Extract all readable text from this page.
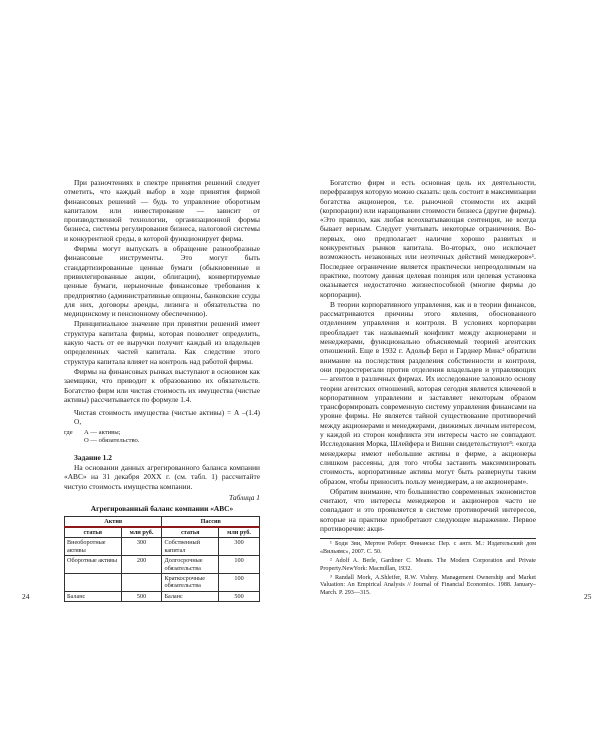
При разночтениях в спектре принятия решений следует отметить, что каждый выбор в ходе принятия фирмой финансовых решений — будь то управление оборотным капиталом или инвестирование — зависит от производственной технологии, организационной формы бизнеса, системы регулирования бизнеса, налоговой системы и конкурентной среды, в которой функционирует фирма.

Фирмы могут выпускать в обращение разнообразные финансовые инструменты. Это могут быть стандартизированные ценные бумаги (обыкновенные и привилегированные акции, облигации), конвертируемые ценные бумаги, нерыночные финансовые требования к предприятию (административные опционы, банковские ссуды для них, договоры аренды, лизинга и обязательства по медицинскому и пенсионному обеспечению).

Принципиальное значение при принятии решений имеет структура капитала фирмы, которая позволяет определить, какую часть от ее выручки получит каждый из владельцев определенных частей капитала. Как следствие этого структура капитала влияет на контроль над работой фирмы.

Фирмы на финансовых рынках выступают в основном как заемщики, что приводит к образованию их обязательств. Богатство фирм или чистая стоимость их имущества (чистые активы) рассчитывается по формуле 1.4.

Чистая стоимость имущества (чистые активы) = А – О,
(1.4)
где	А — активы;
О — обязательство.
Задание 1.2

На основании данных агрегированного баланса компании «АВС» на 31 декабря 20ХХ г. (см. табл. 1) рассчитайте чистую стоимость имущества компании.

Таблица 1
Агрегированный баланс компании «АВС»
Актив		Пассив	
статья	млн руб.	статья	млн руб.
Внеоборотные активы	300	Собственный капитал	300
Оборотные активы	200	Долгосрочные обязательства	100
		Краткосрочные обязательства	100
Баланс	500	Баланс	500
24

Богатство фирм и есть основная цель их деятельности, перефразируя которую можно сказать: цель состоит в максимизации богатства акционеров, т.е. рыночной стоимости их акций (корпорации) или наращивании стоимости бизнеса (другие фирмы). «Это правило, как любая всеохватывающая сентенция, не всегда бывает верным. Следует учитывать некоторые ограничения. Во-первых, оно предполагает наличие хорошо развитых и конкурентных рынков капитала. Во-вторых, оно исключает возможность незаконных или неэтичных действий менеджеров»¹. Последнее ограничение является практически непреодолимым на практике, поэтому данная целевая позиция или целевая установка оказывается недостаточно жизнеспособной (многие фирмы до корпорации).

В теории корпоративного управления, как и в теории финансов, рассматриваются причины этого явления, обоснованного отделением управления и контроля. В условиях корпорации преобладает так называемый конфликт между акционерами и менеджерами, функционально объясняемый теорией агентских отношений. Еще в 1932 г. Адольф Берл и Гарднер Минс² обратили внимание на последствия разделения собственности и контроля, они предостерегали против отделения владельцев и управляющих — агентов в различных фирмах. Их исследование заложило основу теории агентских отношений, которая сегодня является ключевой в корпоративном управлении и заставляет некоторым образом трансформировать современную систему управления финансами на уровне фирмы. Не является тайной существование противоречий между акционерами и менеджерами, движимых личным интересом, у каждой из сторон конфликта эти интересы часто не совпадают. Исследования Морка, Шлейфера и Вишни свидетельствуют³: «когда менеджеры имеют небольшие активы в фирме, а акционеры слишком рассеяны, для того чтобы заставить максимизировать стоимость, корпоративные активы могут быть развернуты таким образом, чтобы приносить пользу менеджерам, а не акционерам».

Обратим внимание, что большинство современных экономистов считают, что интересы менеджеров и акционеров часто не совпадают и это проявляется в системе противоречий интересов, которые на практике приобретают следующее выражение. Первое противоречие: акци-

¹ Боди Зви, Мертон Роберт. Финансы: Пер. с англ. М.: Издательский дом «Вильямс», 2007. С. 50.

² Adolf A. Berle, Gardiner C. Means. The Modern Corporation and Private Property.NewYork: Macmillan, 1932.

³ Randall Mork, A.Shleifer, R.W. Vishny. Management Ownership and Market Valuation: An Empirical Analysis // Journal of Financial Economics. 1988. January–March. P. 293—315.	25
